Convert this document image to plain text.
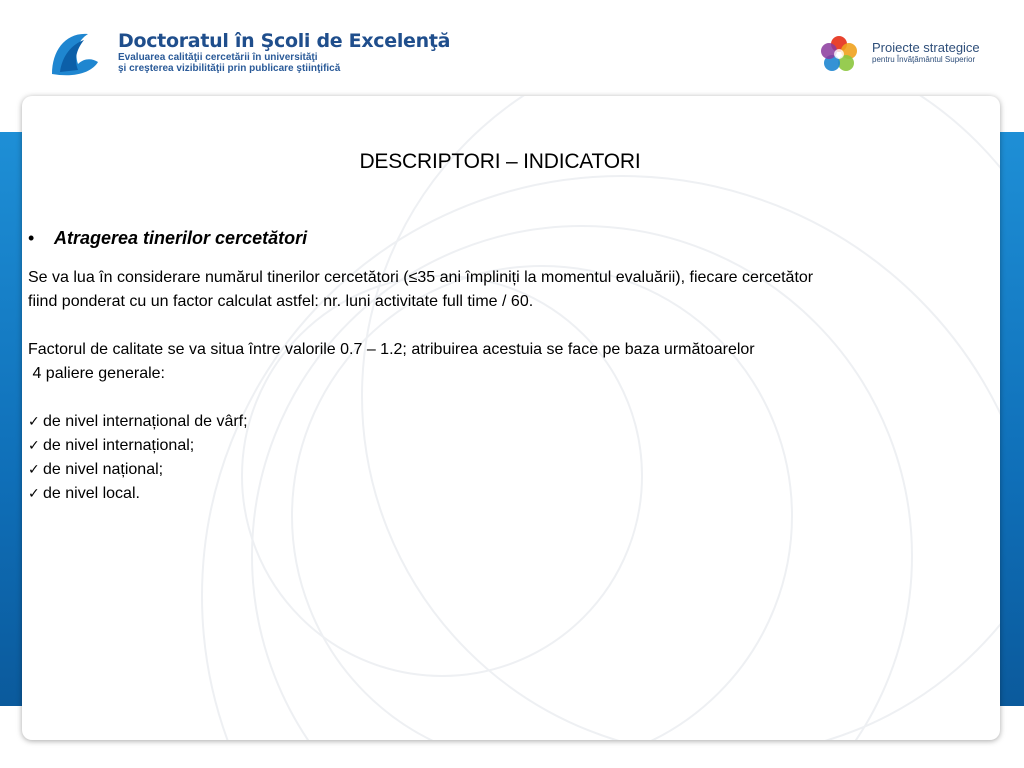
Doctoratul în Şcoli de Excelenţă
Evaluarea calităţii cercetării în universităţi
şi creşterea vizibilităţii prin publicare ştiinţifică
Proiecte strategice
pentru Învăţământul Superior
DESCRIPTORI – INDICATORI
•	Atragerea tinerilor cercetători

Se va lua în considerare numărul tinerilor cercetători (≤35 ani împliniți la momentul evaluării), fiecare cercetător

fiind ponderat cu un factor calculat astfel: nr. luni activitate full time / 60.

Factorul de calitate se va situa între valorile 0.7 – 1.2; atribuirea acestuia se face pe baza următoarelor

4 paliere generale:

✓ de nivel internațional de vârf;
✓ de nivel internațional;
✓ de nivel național;
✓ de nivel local.
